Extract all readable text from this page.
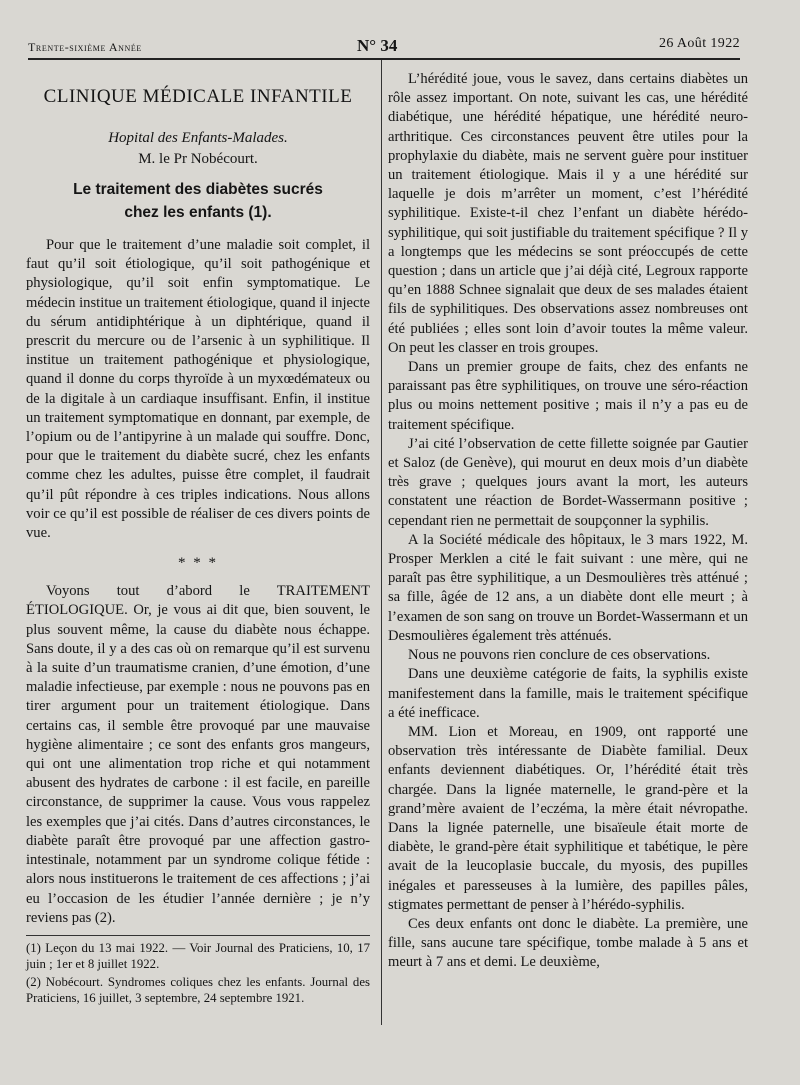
Trente-sixième Année	N° 34	26 Août 1922
CLINIQUE MÉDICALE INFANTILE
Hopital des Enfants-Malades.
M. le Pr Nobécourt.
Le traitement des diabètes sucrés
chez les enfants (1).

Pour que le traitement d’une maladie soit complet, il faut qu’il soit étiologique, qu’il soit pathogénique et physiologique, qu’il soit enfin symptomatique. Le médecin institue un traitement étiologique, quand il injecte du sérum antidiphtérique à un diphtérique, quand il prescrit du mercure ou de l’arsenic à un syphilitique. Il institue un traitement pathogénique et physiologique, quand il donne du corps thyroïde à un myxœdémateux ou de la digitale à un cardiaque insuffisant. Enfin, il institue un traitement symptomatique en donnant, par exemple, de l’opium ou de l’antipyrine à un malade qui souffre. Donc, pour que le traitement du diabète sucré, chez les enfants comme chez les adultes, puisse être complet, il faudrait qu’il pût répondre à ces triples indications. Nous allons voir ce qu’il est possible de réaliser de ces divers points de vue.

* * *

Voyons tout d’abord le TRAITEMENT ÉTIOLOGIQUE. Or, je vous ai dit que, bien souvent, le plus souvent même, la cause du diabète nous échappe. Sans doute, il y a des cas où on remarque qu’il est survenu à la suite d’un traumatisme cranien, d’une émotion, d’une maladie infectieuse, par exemple : nous ne pouvons pas en tirer argument pour un traitement étiologique. Dans certains cas, il semble être provoqué par une mauvaise hygiène alimentaire ; ce sont des enfants gros mangeurs, qui ont une alimentation trop riche et qui notamment abusent des hydrates de carbone : il est facile, en pareille circonstance, de supprimer la cause. Vous vous rappelez les exemples que j’ai cités. Dans d’autres circonstances, le diabète paraît être provoqué par une affection gastro-intestinale, notamment par un syndrome colique fétide : alors nous instituerons le traitement de ces affections ; j’ai eu l’occasion de les étudier l’année dernière ; je n’y reviens pas (2).

(1) Leçon du 13 mai 1922. — Voir Journal des Praticiens, 10, 17 juin ; 1er et 8 juillet 1922.
(2) Nobécourt. Syndromes coliques chez les enfants. Journal des Praticiens, 16 juillet, 3 septembre, 24 septembre 1921.

L’hérédité joue, vous le savez, dans certains diabètes un rôle assez important. On note, suivant les cas, une hérédité diabétique, une hérédité hépatique, une hérédité neuro-arthritique. Ces circonstances peuvent être utiles pour la prophylaxie du diabète, mais ne servent guère pour instituer un traitement étiologique. Mais il y a une hérédité sur laquelle je dois m’arrêter un moment, c’est l’hérédité syphilitique. Existe-t-il chez l’enfant un diabète hérédo-syphilitique, qui soit justifiable du traitement spécifique ? Il y a longtemps que les médecins se sont préoccupés de cette question ; dans un article que j’ai déjà cité, Legroux rapporte qu’en 1888 Schnee signalait que deux de ses malades étaient fils de syphilitiques. Des observations assez nombreuses ont été publiées ; elles sont loin d’avoir toutes la même valeur. On peut les classer en trois groupes.

Dans un premier groupe de faits, chez des enfants ne paraissant pas être syphilitiques, on trouve une séro-réaction plus ou moins nettement positive ; mais il n’y a pas eu de traitement spécifique.

J’ai cité l’observation de cette fillette soignée par Gautier et Saloz (de Genève), qui mourut en deux mois d’un diabète très grave ; quelques jours avant la mort, les auteurs constatent une réaction de Bordet-Wassermann positive ; cependant rien ne permettait de soupçonner la syphilis.

A la Société médicale des hôpitaux, le 3 mars 1922, M. Prosper Merklen a cité le fait suivant : une mère, qui ne paraît pas être syphilitique, a un Desmoulières très atténué ; sa fille, âgée de 12 ans, a un diabète dont elle meurt ; à l’examen de son sang on trouve un Bordet-Wassermann et un Desmoulières également très atténués.

Nous ne pouvons rien conclure de ces observations.

Dans une deuxième catégorie de faits, la syphilis existe manifestement dans la famille, mais le traitement spécifique a été inefficace.

MM. Lion et Moreau, en 1909, ont rapporté une observation très intéressante de Diabète familial. Deux enfants deviennent diabétiques. Or, l’hérédité était très chargée. Dans la lignée maternelle, le grand-père et la grand’mère avaient de l’eczéma, la mère était névropathe. Dans la lignée paternelle, une bisaïeule était morte de diabète, le grand-père était syphilitique et tabétique, le père avait de la leucoplasie buccale, du myosis, des pupilles inégales et paresseuses à la lumière, des papilles pâles, stigmates permettant de penser à l’hérédo-syphilis.

Ces deux enfants ont donc le diabète. La première, une fille, sans aucune tare spécifique, tombe malade à 5 ans et meurt à 7 ans et demi. Le deuxième,
